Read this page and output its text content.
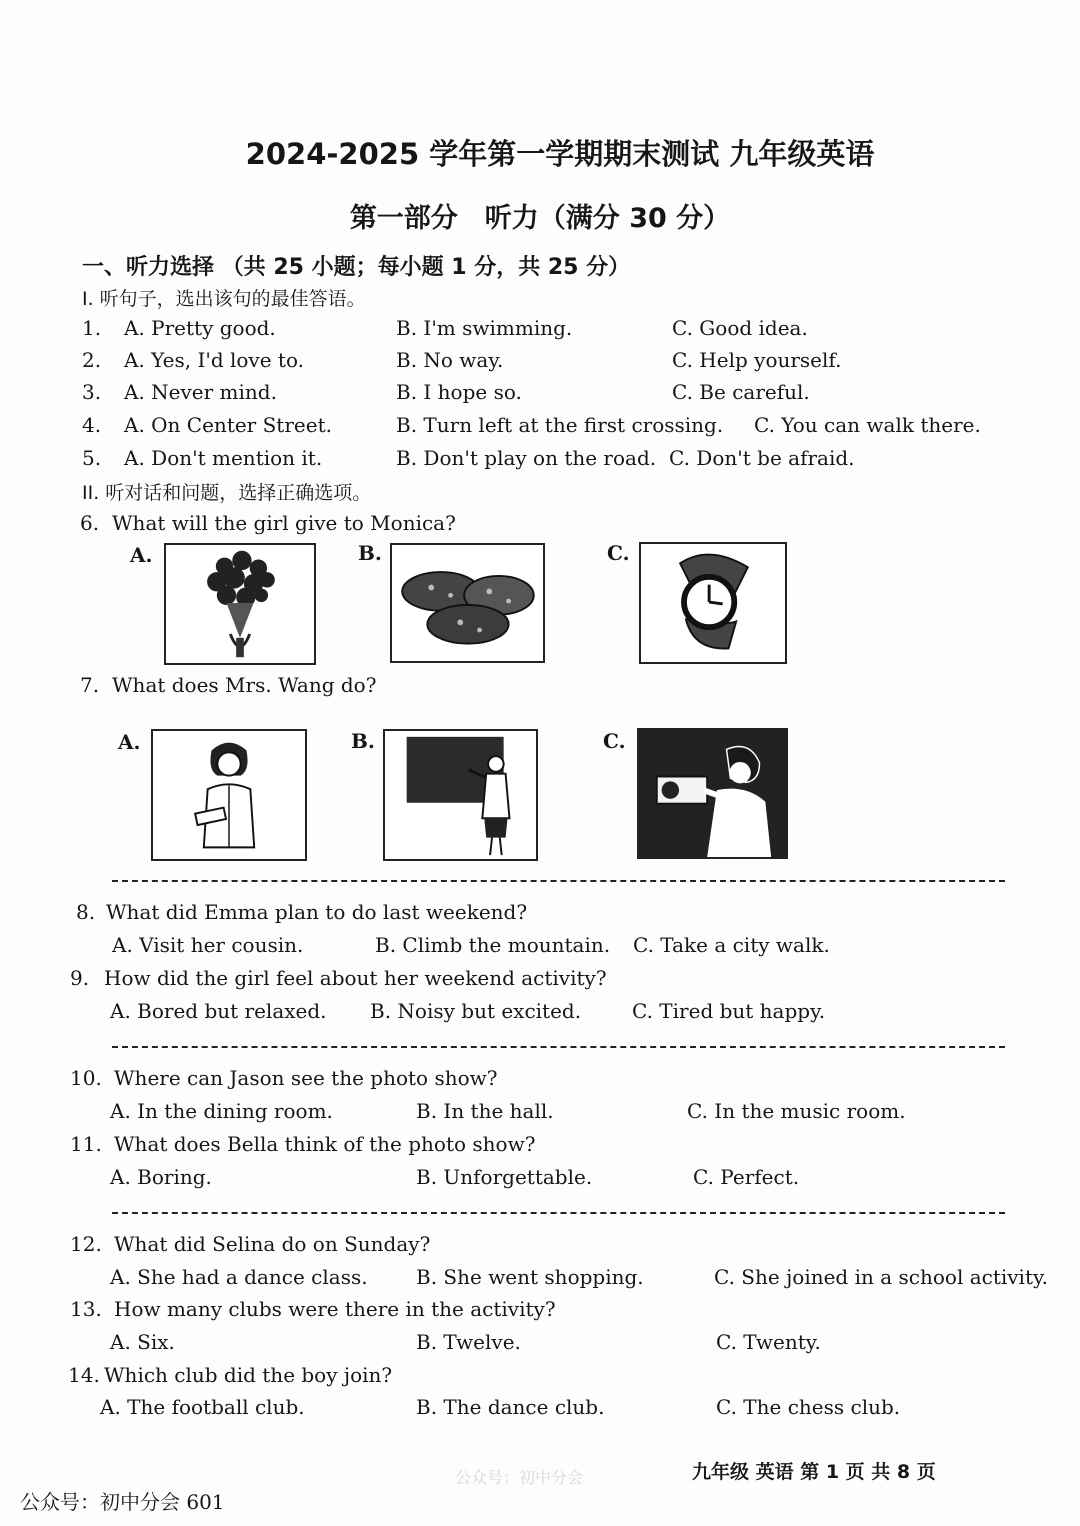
2024-2025 学年第一学期期末测试 九年级英语
第一部分　听力（满分 30 分）
一、听力选择 （共 25 小题；每小题 1 分，共 25 分）
I. 听句子，选出该句的最佳答语。
1. A. Pretty good.	B. I'm swimming.	C. Good idea.
2. A. Yes, I'd love to.	B. No way.	C. Help yourself.
3. A. Never mind.	B. I hope so.	C. Be careful.
4. A. On Center Street.	B. Turn left at the first crossing. C. You can walk there.
5. A. Don't mention it.	B. Don't play on the road. C. Don't be afraid.
II. 听对话和问题，选择正确选项。
6. What will the girl give to Monica?
A.	B.	C.
7. What does Mrs. Wang do?
A.	B.	C.
8. What did Emma plan to do last weekend?
A. Visit her cousin.	B. Climb the mountain. C. Take a city walk.
9. How did the girl feel about her weekend activity?
A. Bored but relaxed. B. Noisy but excited.	C. Tired but happy.
10. Where can Jason see the photo show?
A. In the dining room.	B. In the hall.	C. In the music room.
11. What does Bella think of the photo show?
A. Boring.	B. Unforgettable.	C. Perfect.
12. What did Selina do on Sunday?
A. She had a dance class. B. She went shopping.	C. She joined in a school activity.
13. How many clubs were there in the activity?
A. Six.	B. Twelve.	C. Twenty.
14. Which club did the boy join?
A. The football club.	B. The dance club.	C. The chess club.
公众号：初中分会	九年级 英语 第 1 页 共 8 页
公众号：初中分会 601
